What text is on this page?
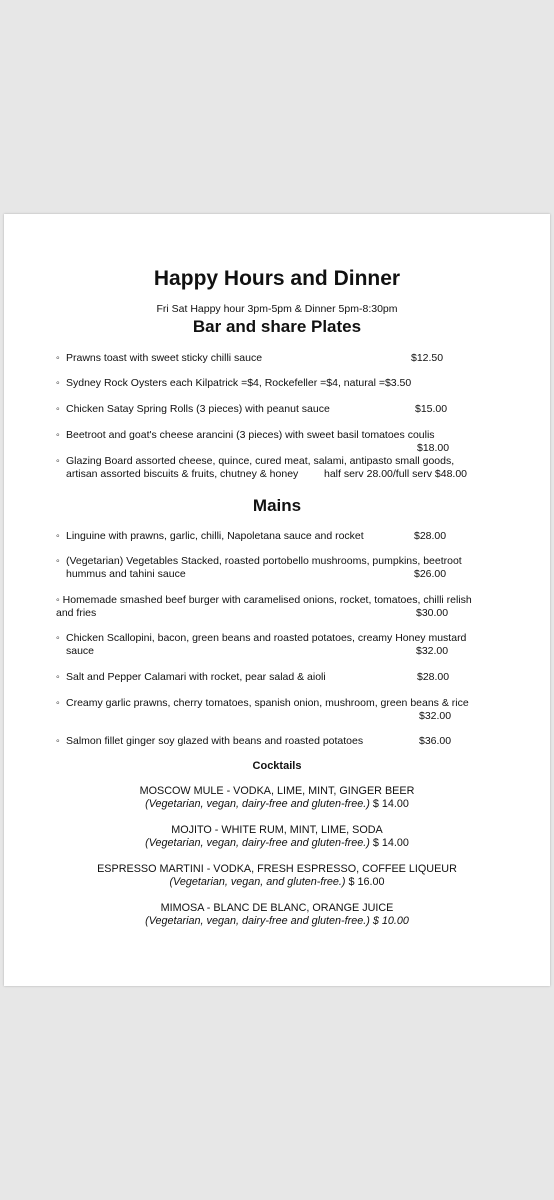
Happy Hours and Dinner
Fri Sat Happy hour 3pm-5pm & Dinner 5pm-8:30pm
Bar and share Plates
◦ Prawns toast with sweet sticky chilli sauce	$12.50
◦ Sydney Rock Oysters each Kilpatrick =$4, Rockefeller =$4, natural =$3.50
◦ Chicken Satay Spring Rolls (3 pieces) with peanut sauce	$15.00
◦ Beetroot and goat's cheese arancini (3 pieces) with sweet basil tomatoes coulis
$18.00
◦ Glazing Board assorted cheese, quince, cured meat, salami, antipasto small goods,
artisan assorted biscuits & fruits, chutney & honey	half serv 28.00/full serv $48.00
Mains
◦ Linguine with prawns, garlic, chilli, Napoletana sauce and rocket	$28.00
◦ (Vegetarian) Vegetables Stacked, roasted portobello mushrooms, pumpkins, beetroot
hummus and tahini sauce	$26.00
◦ Homemade smashed beef burger with caramelised onions, rocket, tomatoes, chilli relish
and fries	$30.00
◦ Chicken Scallopini, bacon, green beans and roasted potatoes, creamy Honey mustard
sauce	$32.00
◦ Salt and Pepper Calamari with rocket, pear salad & aioli	$28.00
◦ Creamy garlic prawns, cherry tomatoes, spanish onion, mushroom, green beans & rice
$32.00
◦ Salmon fillet ginger soy glazed with beans and roasted potatoes	$36.00
Cocktails
MOSCOW MULE - VODKA, LIME, MINT, GINGER BEER
(Vegetarian, vegan, dairy-free and gluten-free.) $ 14.00
MOJITO - WHITE RUM, MINT, LIME, SODA
(Vegetarian, vegan, dairy-free and gluten-free.) $ 14.00
ESPRESSO MARTINI - VODKA, FRESH ESPRESSO, COFFEE LIQUEUR
(Vegetarian, vegan, and gluten-free.) $ 16.00
MIMOSA - BLANC DE BLANC, ORANGE JUICE
(Vegetarian, vegan, dairy-free and gluten-free.) $ 10.00
